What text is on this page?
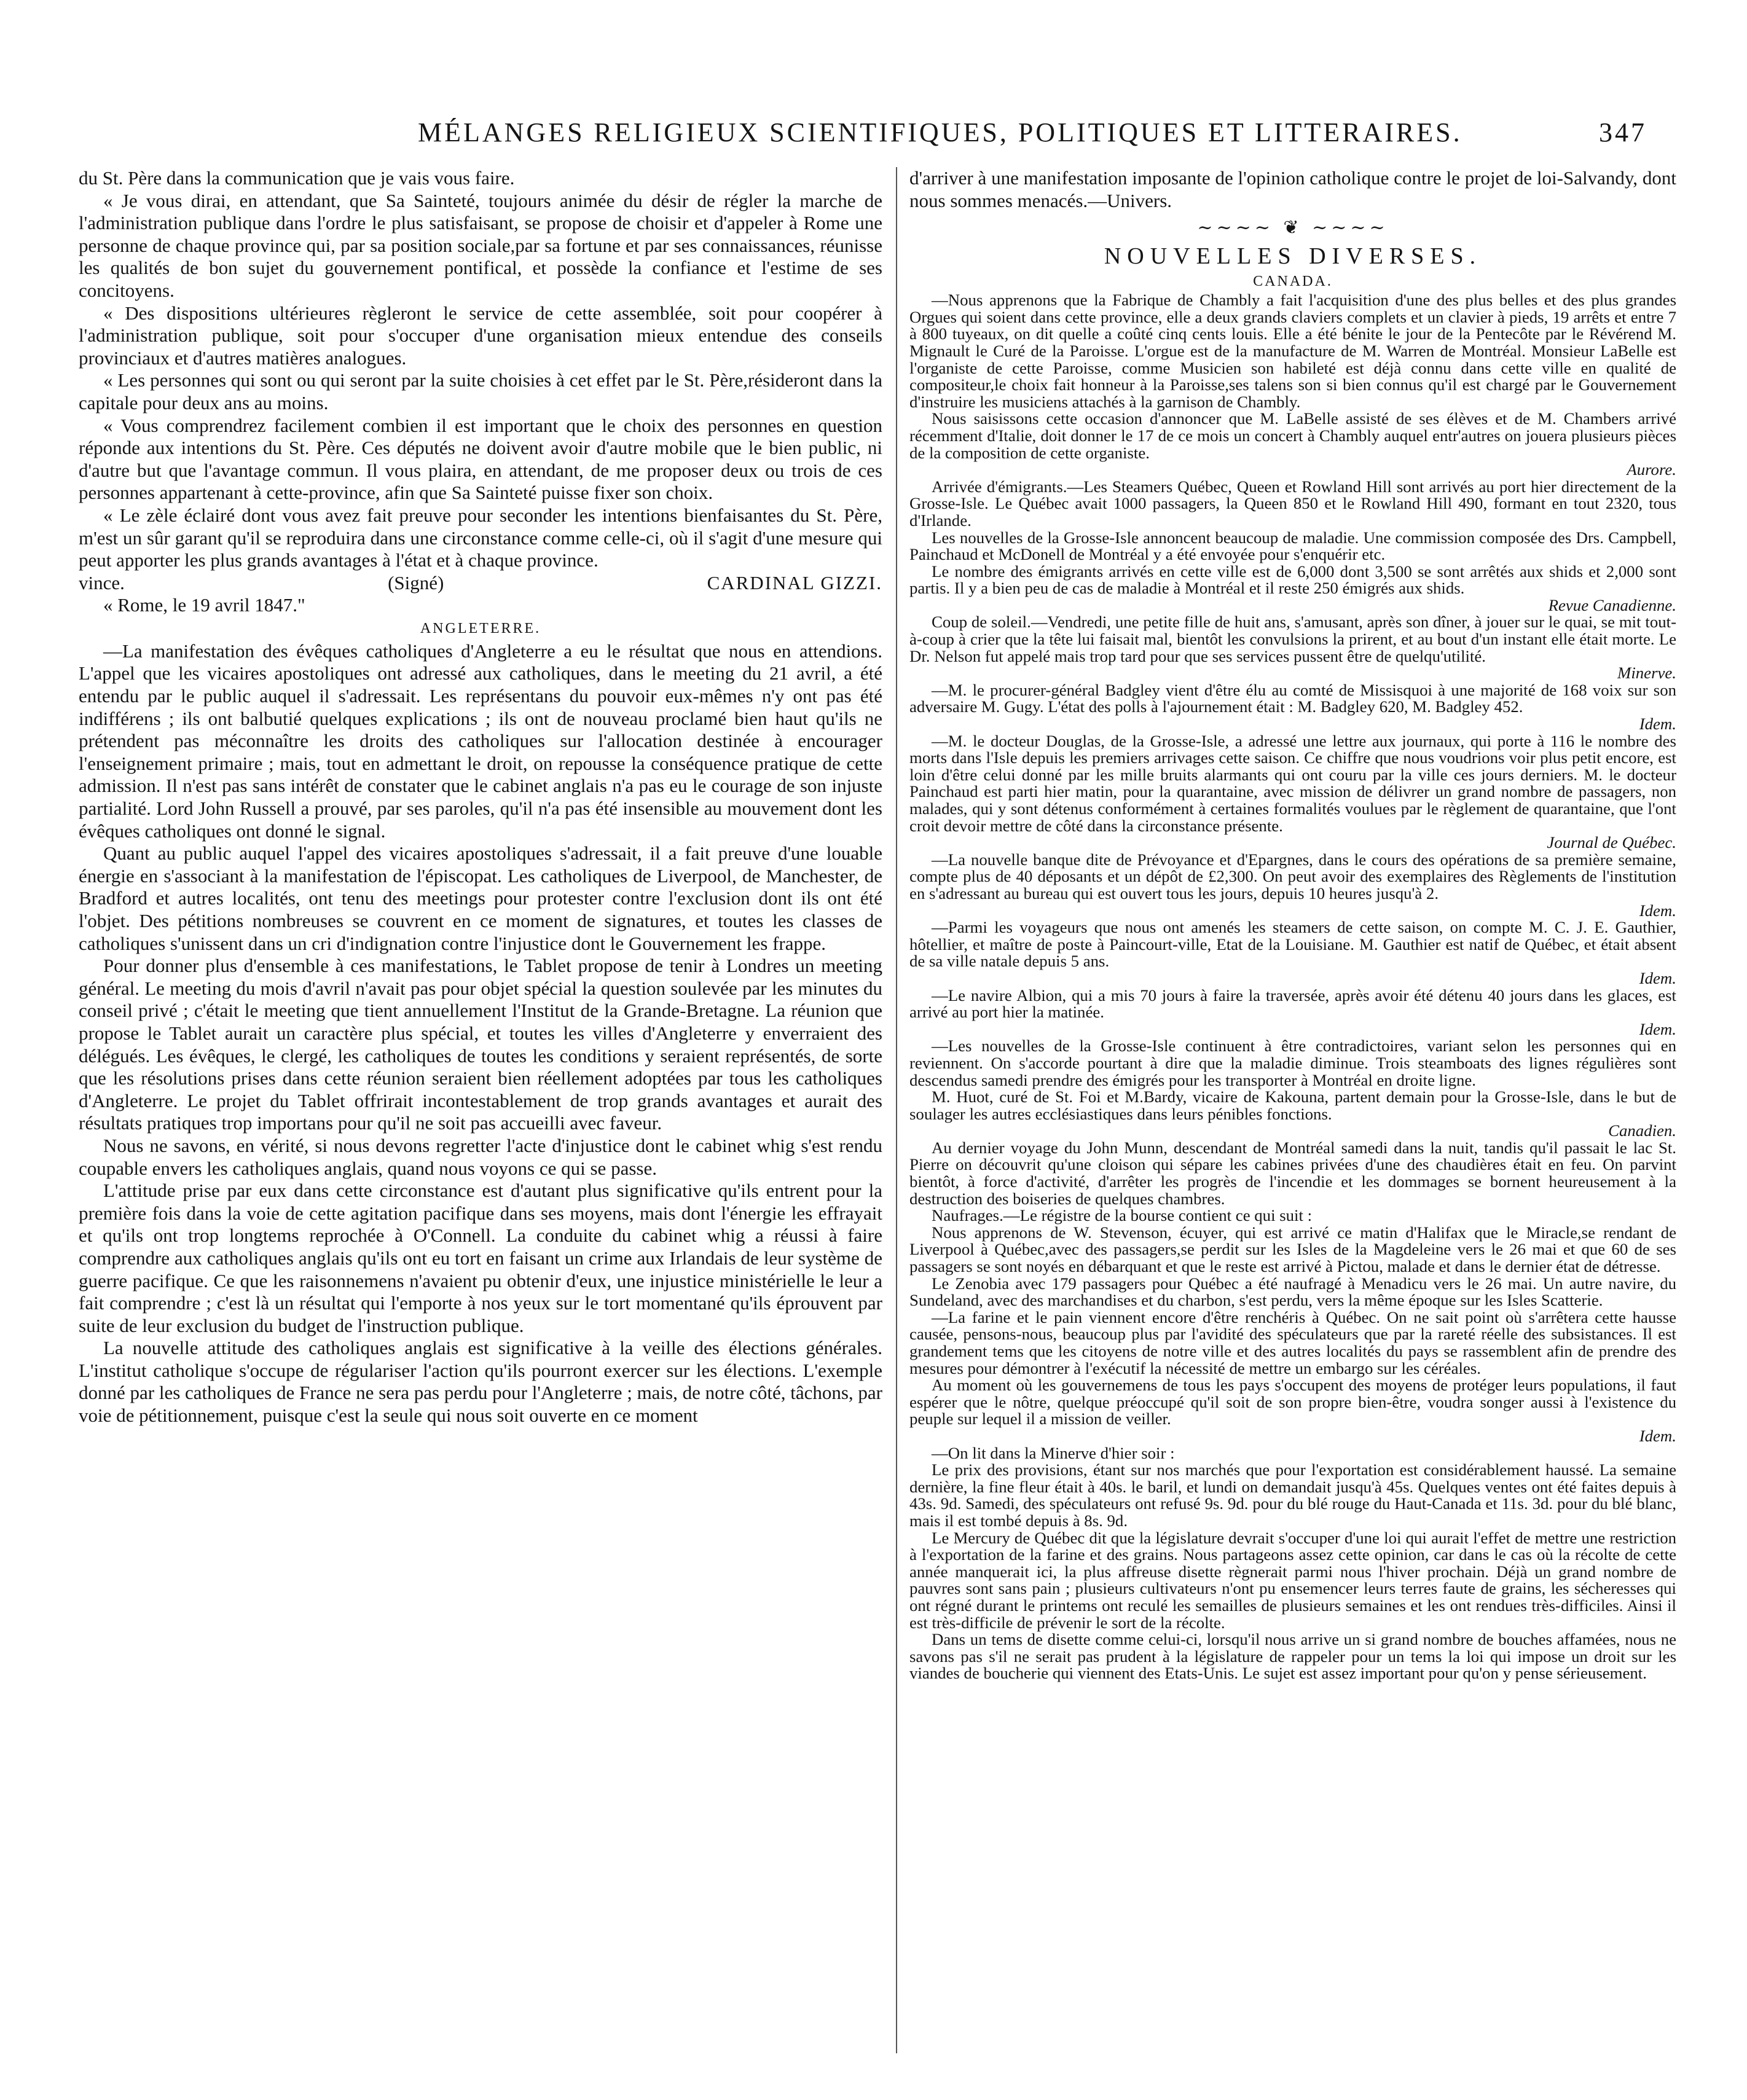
MÉLANGES RELIGIEUX SCIENTIFIQUES, POLITIQUES ET LITTERAIRES.	347

du St. Père dans la communication que je vais vous faire.

« Je vous dirai, en attendant, que Sa Sainteté, toujours animée du désir de régler la marche de l'administration publique dans l'ordre le plus satisfaisant, se propose de choisir et d'appeler à Rome une personne de chaque province qui, par sa position sociale,par sa fortune et par ses connaissances, réunisse les qualités de bon sujet du gouvernement pontifical, et possède la confiance et l'estime de ses concitoyens.

« Des dispositions ultérieures règleront le service de cette assemblée, soit pour coopérer à l'administration publique, soit pour s'occuper d'une organisation mieux entendue des conseils provinciaux et d'autres matières analogues.

« Les personnes qui sont ou qui seront par la suite choisies à cet effet par le St. Père,résideront dans la capitale pour deux ans au moins.

« Vous comprendrez facilement combien il est important que le choix des personnes en question réponde aux intentions du St. Père. Ces députés ne doivent avoir d'autre mobile que le bien public, ni d'autre but que l'avantage commun. Il vous plaira, en attendant, de me proposer deux ou trois de ces personnes appartenant à cette-province, afin que Sa Sainteté puisse fixer son choix.

« Le zèle éclairé dont vous avez fait preuve pour seconder les intentions bienfaisantes du St. Père, m'est un sûr garant qu'il se reproduira dans une circonstance comme celle-ci, où il s'agit d'une mesure qui peut apporter les plus grands avantages à l'état et à chaque province.

vince.	(Signé)	CARDINAL GIZZI.

« Rome, le 19 avril 1847."

ANGLETERRE.

—La manifestation des évêques catholiques d'Angleterre a eu le résultat que nous en attendions. L'appel que les vicaires apostoliques ont adressé aux catholiques, dans le meeting du 21 avril, a été entendu par le public auquel il s'adressait. Les représentans du pouvoir eux-mêmes n'y ont pas été indifférens ; ils ont balbutié quelques explications ; ils ont de nouveau proclamé bien haut qu'ils ne prétendent pas méconnaître les droits des catholiques sur l'allocation destinée à encourager l'enseignement primaire ; mais, tout en admettant le droit, on repousse la conséquence pratique de cette admission. Il n'est pas sans intérêt de constater que le cabinet anglais n'a pas eu le courage de son injuste partialité. Lord John Russell a prouvé, par ses paroles, qu'il n'a pas été insensible au mouvement dont les évêques catholiques ont donné le signal.

Quant au public auquel l'appel des vicaires apostoliques s'adressait, il a fait preuve d'une louable énergie en s'associant à la manifestation de l'épiscopat. Les catholiques de Liverpool, de Manchester, de Bradford et autres localités, ont tenu des meetings pour protester contre l'exclusion dont ils ont été l'objet. Des pétitions nombreuses se couvrent en ce moment de signatures, et toutes les classes de catholiques s'unissent dans un cri d'indignation contre l'injustice dont le Gouvernement les frappe.

Pour donner plus d'ensemble à ces manifestations, le Tablet propose de tenir à Londres un meeting général. Le meeting du mois d'avril n'avait pas pour objet spécial la question soulevée par les minutes du conseil privé ; c'était le meeting que tient annuellement l'Institut de la Grande-Bretagne. La réunion que propose le Tablet aurait un caractère plus spécial, et toutes les villes d'Angleterre y enverraient des délégués. Les évêques, le clergé, les catholiques de toutes les conditions y seraient représentés, de sorte que les résolutions prises dans cette réunion seraient bien réellement adoptées par tous les catholiques d'Angleterre. Le projet du Tablet offrirait incontestablement de trop grands avantages et aurait des résultats pratiques trop importans pour qu'il ne soit pas accueilli avec faveur.

Nous ne savons, en vérité, si nous devons regretter l'acte d'injustice dont le cabinet whig s'est rendu coupable envers les catholiques anglais, quand nous voyons ce qui se passe.

L'attitude prise par eux dans cette circonstance est d'autant plus significative qu'ils entrent pour la première fois dans la voie de cette agitation pacifique dans ses moyens, mais dont l'énergie les effrayait et qu'ils ont trop longtems reprochée à O'Connell. La conduite du cabinet whig a réussi à faire comprendre aux catholiques anglais qu'ils ont eu tort en faisant un crime aux Irlandais de leur système de guerre pacifique. Ce que les raisonnemens n'avaient pu obtenir d'eux, une injustice ministérielle le leur a fait comprendre ; c'est là un résultat qui l'emporte à nos yeux sur le tort momentané qu'ils éprouvent par suite de leur exclusion du budget de l'instruction publique.

La nouvelle attitude des catholiques anglais est significative à la veille des élections générales. L'institut catholique s'occupe de régulariser l'action qu'ils pourront exercer sur les élections. L'exemple donné par les catholiques de France ne sera pas perdu pour l'Angleterre ; mais, de notre côté, tâchons, par voie de pétitionnement, puisque c'est la seule qui nous soit ouverte en ce moment

d'arriver à une manifestation imposante de l'opinion catholique contre le projet de loi-Salvandy, dont nous sommes menacés.—Univers.

~~~~ ❦ ~~~~
NOUVELLES DIVERSES.
CANADA.

—Nous apprenons que la Fabrique de Chambly a fait l'acquisition d'une des plus belles et des plus grandes Orgues qui soient dans cette province, elle a deux grands claviers complets et un clavier à pieds, 19 arrêts et entre 7 à 800 tuyeaux, on dit quelle a coûté cinq cents louis. Elle a été bénite le jour de la Pentecôte par le Révérend M. Mignault le Curé de la Paroisse. L'orgue est de la manufacture de M. Warren de Montréal. Monsieur LaBelle est l'organiste de cette Paroisse, comme Musicien son habileté est déjà connu dans cette ville en qualité de compositeur,le choix fait honneur à la Paroisse,ses talens son si bien connus qu'il est chargé par le Gouvernement d'instruire les musiciens attachés à la garnison de Chambly.

Nous saisissons cette occasion d'annoncer que M. LaBelle assisté de ses élèves et de M. Chambers arrivé récemment d'Italie, doit donner le 17 de ce mois un concert à Chambly auquel entr'autres on jouera plusieurs pièces de la composition de cette organiste.
Aurore.

Arrivée d'émigrants.—Les Steamers Québec, Queen et Rowland Hill sont arrivés au port hier directement de la Grosse-Isle. Le Québec avait 1000 passagers, la Queen 850 et le Rowland Hill 490, formant en tout 2320, tous d'Irlande.

Les nouvelles de la Grosse-Isle annoncent beaucoup de maladie. Une commission composée des Drs. Campbell, Painchaud et McDonell de Montréal y a été envoyée pour s'enquérir etc.

Le nombre des émigrants arrivés en cette ville est de 6,000 dont 3,500 se sont arrêtés aux shids et 2,000 sont partis. Il y a bien peu de cas de maladie à Montréal et il reste 250 émigrés aux shids.
Revue Canadienne.

Coup de soleil.—Vendredi, une petite fille de huit ans, s'amusant, après son dîner, à jouer sur le quai, se mit tout-à-coup à crier que la tête lui faisait mal, bientôt les convulsions la prirent, et au bout d'un instant elle était morte. Le Dr. Nelson fut appelé mais trop tard pour que ses services pussent être de quelqu'utilité.
Minerve.

—M. le procurer-général Badgley vient d'être élu au comté de Missisquoi à une majorité de 168 voix sur son adversaire M. Gugy. L'état des polls à l'ajournement était : M. Badgley 620, M. Badgley 452.
Idem.

—M. le docteur Douglas, de la Grosse-Isle, a adressé une lettre aux journaux, qui porte à 116 le nombre des morts dans l'Isle depuis les premiers arrivages cette saison. Ce chiffre que nous voudrions voir plus petit encore, est loin d'être celui donné par les mille bruits alarmants qui ont couru par la ville ces jours derniers. M. le docteur Painchaud est parti hier matin, pour la quarantaine, avec mission de délivrer un grand nombre de passagers, non malades, qui y sont détenus conformément à certaines formalités voulues par le règlement de quarantaine, que l'ont croit devoir mettre de côté dans la circonstance présente.
Journal de Québec.

—La nouvelle banque dite de Prévoyance et d'Epargnes, dans le cours des opérations de sa première semaine, compte plus de 40 déposants et un dépôt de £2,300. On peut avoir des exemplaires des Règlements de l'institution en s'adressant au bureau qui est ouvert tous les jours, depuis 10 heures jusqu'à 2.
Idem.

—Parmi les voyageurs que nous ont amenés les steamers de cette saison, on compte M. C. J. E. Gauthier, hôtellier, et maître de poste à Paincourt-ville, Etat de la Louisiane. M. Gauthier est natif de Québec, et était absent de sa ville natale depuis 5 ans.
Idem.

—Le navire Albion, qui a mis 70 jours à faire la traversée, après avoir été détenu 40 jours dans les glaces, est arrivé au port hier la matinée.
Idem.

—Les nouvelles de la Grosse-Isle continuent à être contradictoires, variant selon les personnes qui en reviennent. On s'accorde pourtant à dire que la maladie diminue. Trois steamboats des lignes régulières sont descendus samedi prendre des émigrés pour les transporter à Montréal en droite ligne.

M. Huot, curé de St. Foi et M.Bardy, vicaire de Kakouna, partent demain pour la Grosse-Isle, dans le but de soulager les autres ecclésiastiques dans leurs pénibles fonctions.
Canadien.

Au dernier voyage du John Munn, descendant de Montréal samedi dans la nuit, tandis qu'il passait le lac St. Pierre on découvrit qu'une cloison qui sépare les cabines privées d'une des chaudières était en feu. On parvint bientôt, à force d'activité, d'arrêter les progrès de l'incendie et les dommages se bornent heureusement à la destruction des boiseries de quelques chambres.

Naufrages.—Le régistre de la bourse contient ce qui suit :

Nous apprenons de W. Stevenson, écuyer, qui est arrivé ce matin d'Halifax que le Miracle,se rendant de Liverpool à Québec,avec des passagers,se perdit sur les Isles de la Magdeleine vers le 26 mai et que 60 de ses passagers se sont noyés en débarquant et que le reste est arrivé à Pictou, malade et dans le dernier état de détresse.

Le Zenobia avec 179 passagers pour Québec a été naufragé à Menadicu vers le 26 mai. Un autre navire, du Sundeland, avec des marchandises et du charbon, s'est perdu, vers la même époque sur les Isles Scatterie.

—La farine et le pain viennent encore d'être renchéris à Québec. On ne sait point où s'arrêtera cette hausse causée, pensons-nous, beaucoup plus par l'avidité des spéculateurs que par la rareté réelle des subsistances. Il est grandement tems que les citoyens de notre ville et des autres localités du pays se rassemblent afin de prendre des mesures pour démontrer à l'exécutif la nécessité de mettre un embargo sur les céréales.

Au moment où les gouvernemens de tous les pays s'occupent des moyens de protéger leurs populations, il faut espérer que le nôtre, quelque préoccupé qu'il soit de son propre bien-être, voudra songer aussi à l'existence du peuple sur lequel il a mission de veiller.
Idem.

—On lit dans la Minerve d'hier soir :

Le prix des provisions, étant sur nos marchés que pour l'exportation est considérablement haussé. La semaine dernière, la fine fleur était à 40s. le baril, et lundi on demandait jusqu'à 45s. Quelques ventes ont été faites depuis à 43s. 9d. Samedi, des spéculateurs ont refusé 9s. 9d. pour du blé rouge du Haut-Canada et 11s. 3d. pour du blé blanc, mais il est tombé depuis à 8s. 9d.

Le Mercury de Québec dit que la législature devrait s'occuper d'une loi qui aurait l'effet de mettre une restriction à l'exportation de la farine et des grains. Nous partageons assez cette opinion, car dans le cas où la récolte de cette année manquerait ici, la plus affreuse disette règnerait parmi nous l'hiver prochain. Déjà un grand nombre de pauvres sont sans pain ; plusieurs cultivateurs n'ont pu ensemencer leurs terres faute de grains, les sécheresses qui ont régné durant le printems ont reculé les semailles de plusieurs semaines et les ont rendues très-difficiles. Ainsi il est très-difficile de prévenir le sort de la récolte.

Dans un tems de disette comme celui-ci, lorsqu'il nous arrive un si grand nombre de bouches affamées, nous ne savons pas s'il ne serait pas prudent à la législature de rappeler pour un tems la loi qui impose un droit sur les viandes de boucherie qui viennent des Etats-Unis. Le sujet est assez important pour qu'on y pense sérieusement.
